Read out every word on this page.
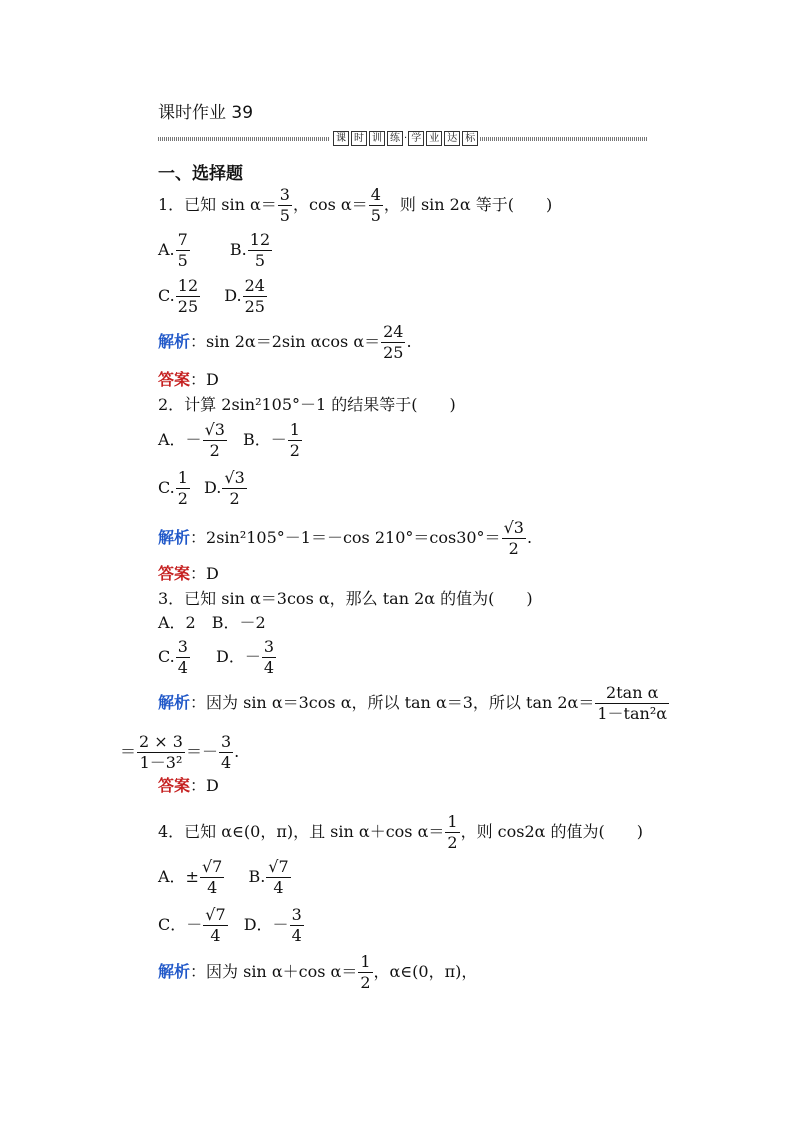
课时作业 39
课 时 训 练 · 学 业 达 标
一、选择题
1．已知 $\sin \alpha= \frac{3}{5}$ ，$\cos \alpha= \frac{4}{5}$ ，则 sin 2α 等于(　　)
A. $\frac{7}{5}$	B. $\frac{12}{5}$
C. $\frac{12}{25} D$. $\frac{24}{25}$
解析：sin 2α＝2sin αcos $\alpha= \frac{24}{25}$ .
答案：D
2．计算 2sin²105°－1 的结果等于(　　)
A．－ $\frac{√3}{2}$ B．－ $\frac{1}{2}$
C. $\frac{1}{2} D$. $\frac{√3}{2}$
解析：2sin²105°－1＝－cos $210^\circ=\cos 30^\circ= \frac{√3}{2}$ .
答案：D
3．已知 sin α＝3cos α，那么 tan 2α 的值为(　　)
A．2　B．－2
C. $\frac{3}{4}$ D．－ $\frac{3}{4}$
解析：因为 sin α＝3cos α，所以 tan α＝3，所以 $\tan 2\alpha= \frac{\text{2tan α}}{\text{1－tan²α}}$
＝ $\frac{2 \times 3}{\text{1－3²}} =- \frac{3}{4}$ .
答案：D
4．已知 α∈(0，π)，且 sin α＋cos $\alpha= \frac{1}{2}$ ，则 cos2α 的值为(　　)
A．± $\frac{√7}{4} B$. $\frac{√7}{4}$
C．－ $\frac{√7}{4}$ D．－ $\frac{3}{4}$
解析：因为 sin α＋cos $\alpha= \frac{1}{2}$ ，α∈(0，π)，
